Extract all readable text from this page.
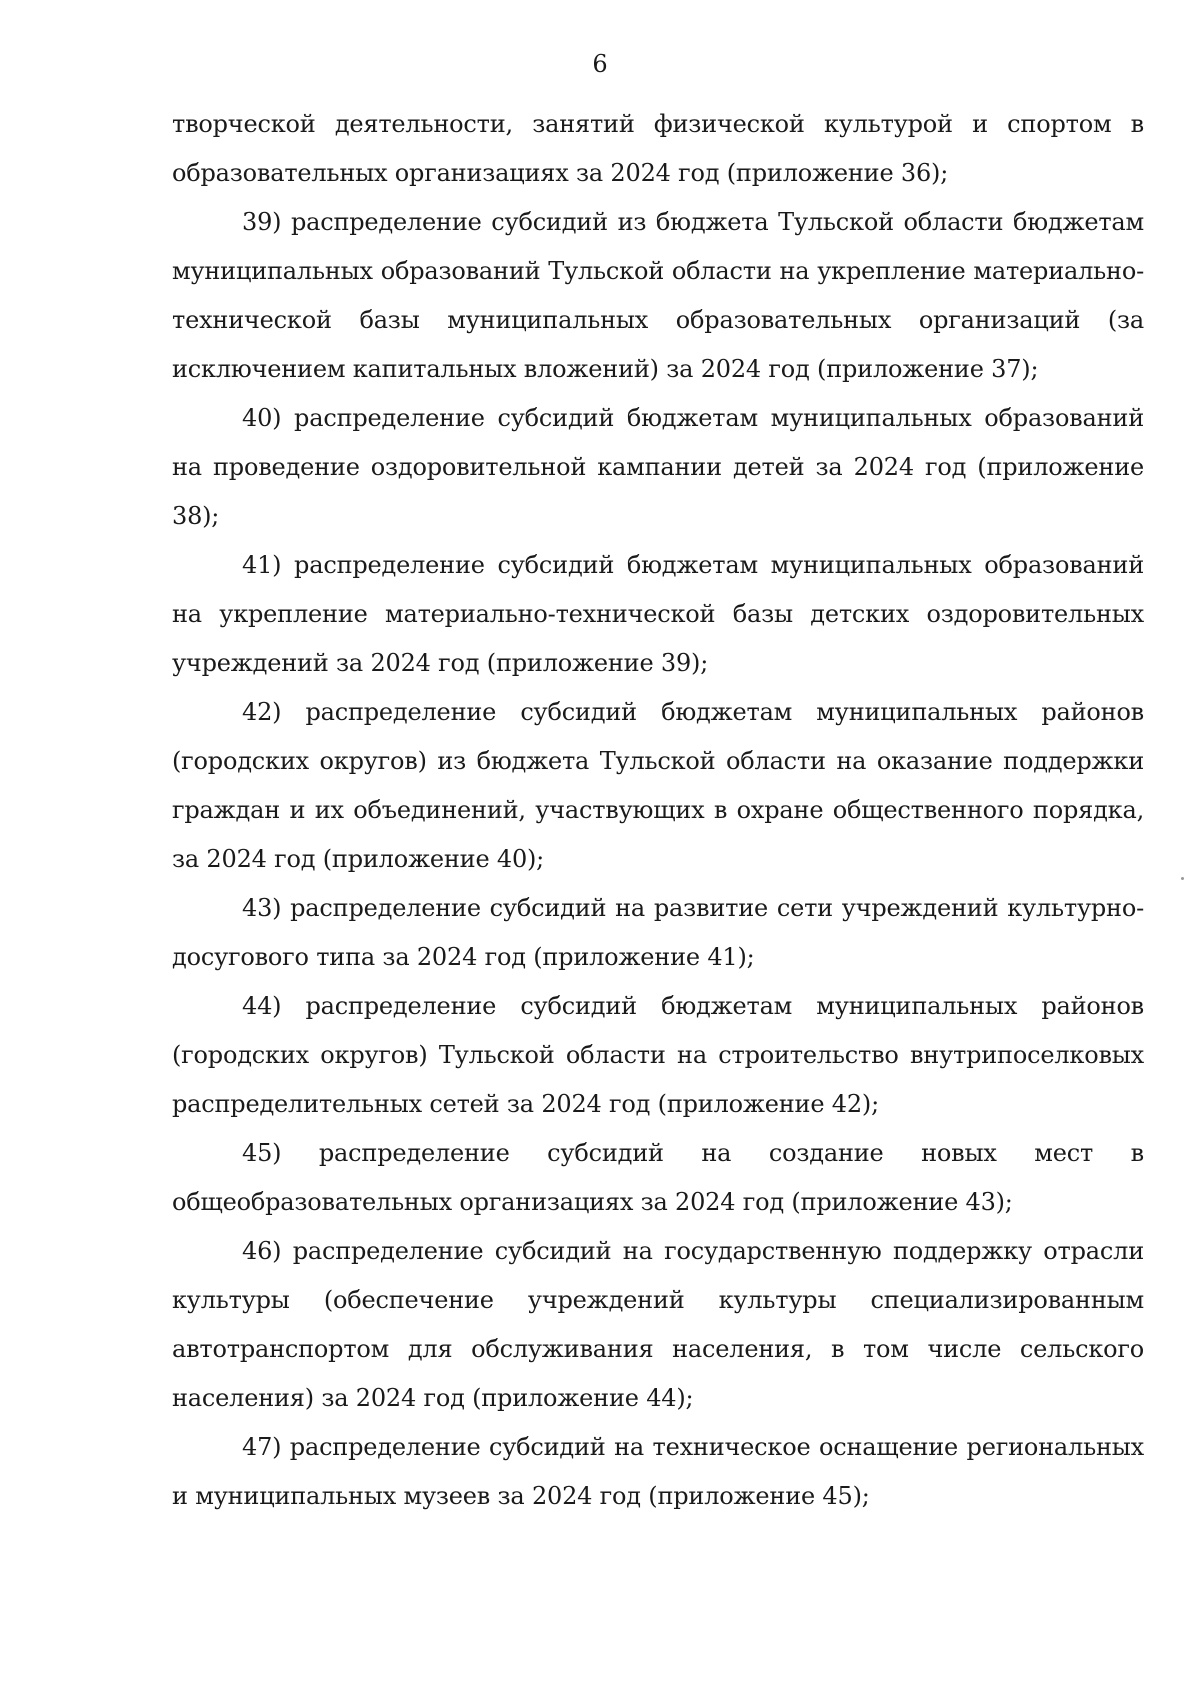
6

творческой деятельности, занятий физической культурой и спортом в образовательных организациях за 2024 год (приложение 36);

39) распределение субсидий из бюджета Тульской области бюджетам муниципальных образований Тульской области на укрепление материально-технической базы муниципальных образовательных организаций (за исключением капитальных вложений) за 2024 год (приложение 37);

40) распределение субсидий бюджетам муниципальных образований на проведение оздоровительной кампании детей за 2024 год (приложение 38);

41) распределение субсидий бюджетам муниципальных образований на укрепление материально-технической базы детских оздоровительных учреждений за 2024 год (приложение 39);

42) распределение субсидий бюджетам муниципальных районов (городских округов) из бюджета Тульской области на оказание поддержки граждан и их объединений, участвующих в охране общественного порядка, за 2024 год (приложение 40);

43) распределение субсидий на развитие сети учреждений культурно-досугового типа за 2024 год (приложение 41);

44) распределение субсидий бюджетам муниципальных районов (городских округов) Тульской области на строительство внутрипоселковых распределительных сетей за 2024 год (приложение 42);

45) распределение субсидий на создание новых мест в общеобразовательных организациях за 2024 год (приложение 43);

46) распределение субсидий на государственную поддержку отрасли культуры (обеспечение учреждений культуры специализированным автотранспортом для обслуживания населения, в том числе сельского населения) за 2024 год (приложение 44);

47) распределение субсидий на техническое оснащение региональных и муниципальных музеев за 2024 год (приложение 45);
